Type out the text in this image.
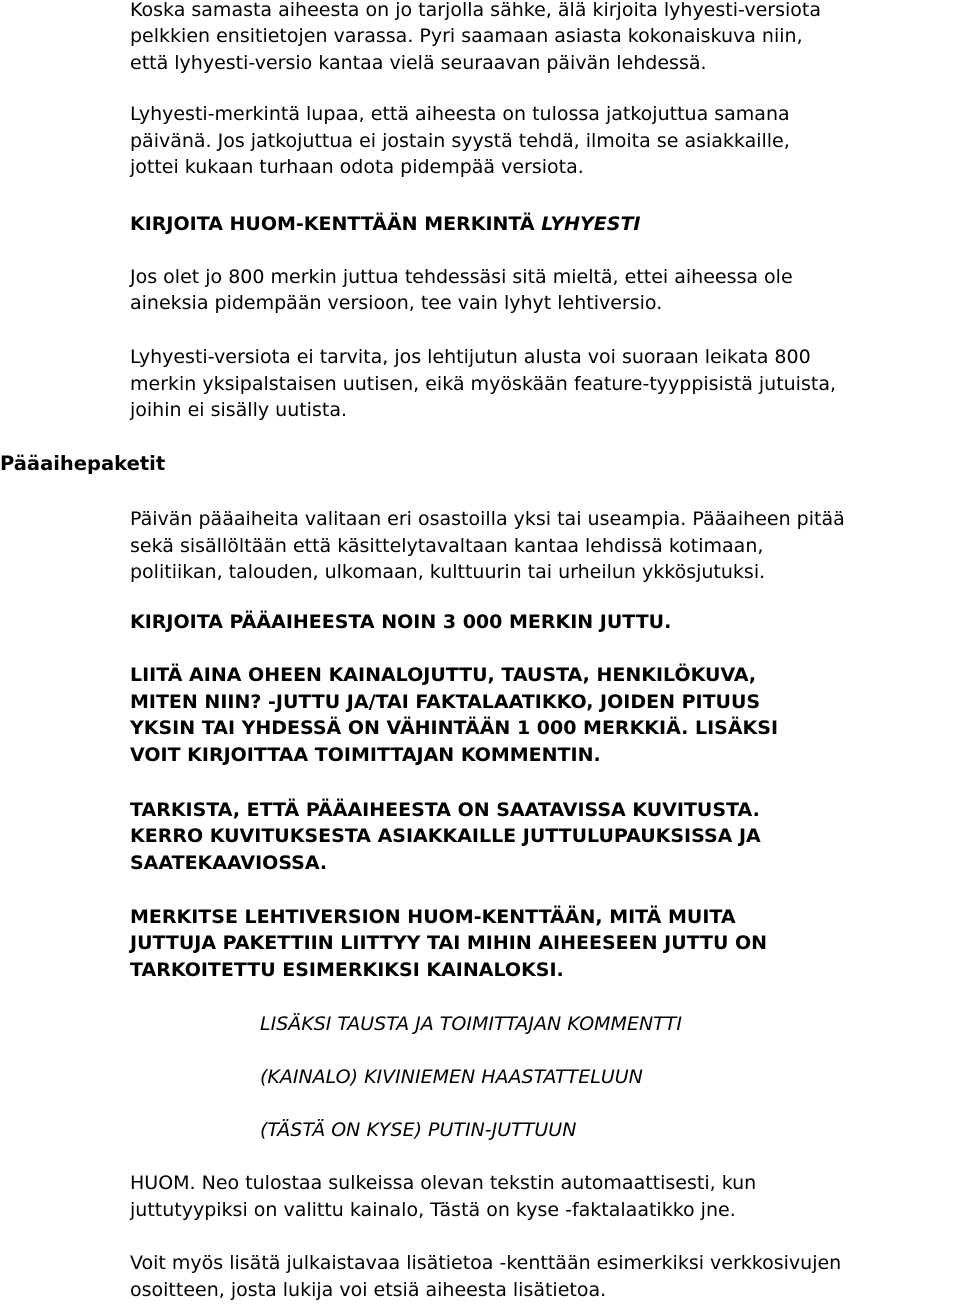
Koska samasta aiheesta on jo tarjolla sähke, älä kirjoita lyhyesti-versiota

pelkkien ensitietojen varassa. Pyri saamaan asiasta kokonaiskuva niin,

että lyhyesti-versio kantaa vielä seuraavan päivän lehdessä.

Lyhyesti-merkintä lupaa, että aiheesta on tulossa jatkojuttua samana

päivänä. Jos jatkojuttua ei jostain syystä tehdä, ilmoita se asiakkaille,

jottei kukaan turhaan odota pidempää versiota.

KIRJOITA HUOM-KENTTÄÄN MERKINTÄ LYHYESTI

Jos olet jo 800 merkin juttua tehdessäsi sitä mieltä, ettei aiheessa ole

aineksia pidempään versioon, tee vain lyhyt lehtiversio.

Lyhyesti-versiota ei tarvita, jos lehtijutun alusta voi suoraan leikata 800

merkin yksipalstaisen uutisen, eikä myöskään feature-tyyppisistä jutuista,

joihin ei sisälly uutista.

Pääaihepaketit

Päivän pääaiheita valitaan eri osastoilla yksi tai useampia. Pääaiheen pitää

sekä sisällöltään että käsittelytavaltaan kantaa lehdissä kotimaan,

politiikan, talouden, ulkomaan, kulttuurin tai urheilun ykkösjutuksi.

KIRJOITA PÄÄAIHEESTA NOIN 3 000 MERKIN JUTTU.

LIITÄ AINA OHEEN KAINALOJUTTU, TAUSTA, HENKILÖKUVA,

MITEN NIIN? -JUTTU JA/TAI FAKTALAATIKKO, JOIDEN PITUUS

YKSIN TAI YHDESSÄ ON VÄHINTÄÄN 1 000 MERKKIÄ. LISÄKSI

VOIT KIRJOITTAA TOIMITTAJAN KOMMENTIN.

TARKISTA, ETTÄ PÄÄAIHEESTA ON SAATAVISSA KUVITUSTA.

KERRO KUVITUKSESTA ASIAKKAILLE JUTTULUPAUKSISSA JA

SAATEKAAVIOSSA.

MERKITSE LEHTIVERSION HUOM-KENTTÄÄN, MITÄ MUITA

JUTTUJA PAKETTIIN LIITTYY TAI MIHIN AIHEESEEN JUTTU ON

TARKOITETTU ESIMERKIKSI KAINALOKSI.

LISÄKSI TAUSTA JA TOIMITTAJAN KOMMENTTI

(KAINALO) KIVINIEMEN HAASTATTELUUN

(TÄSTÄ ON KYSE) PUTIN-JUTTUUN

HUOM. Neo tulostaa sulkeissa olevan tekstin automaattisesti, kun

juttutyypiksi on valittu kainalo, Tästä on kyse -faktalaatikko jne.

Voit myös lisätä julkaistavaa lisätietoa -kenttään esimerkiksi verkkosivujen

osoitteen, josta lukija voi etsiä aiheesta lisätietoa.
